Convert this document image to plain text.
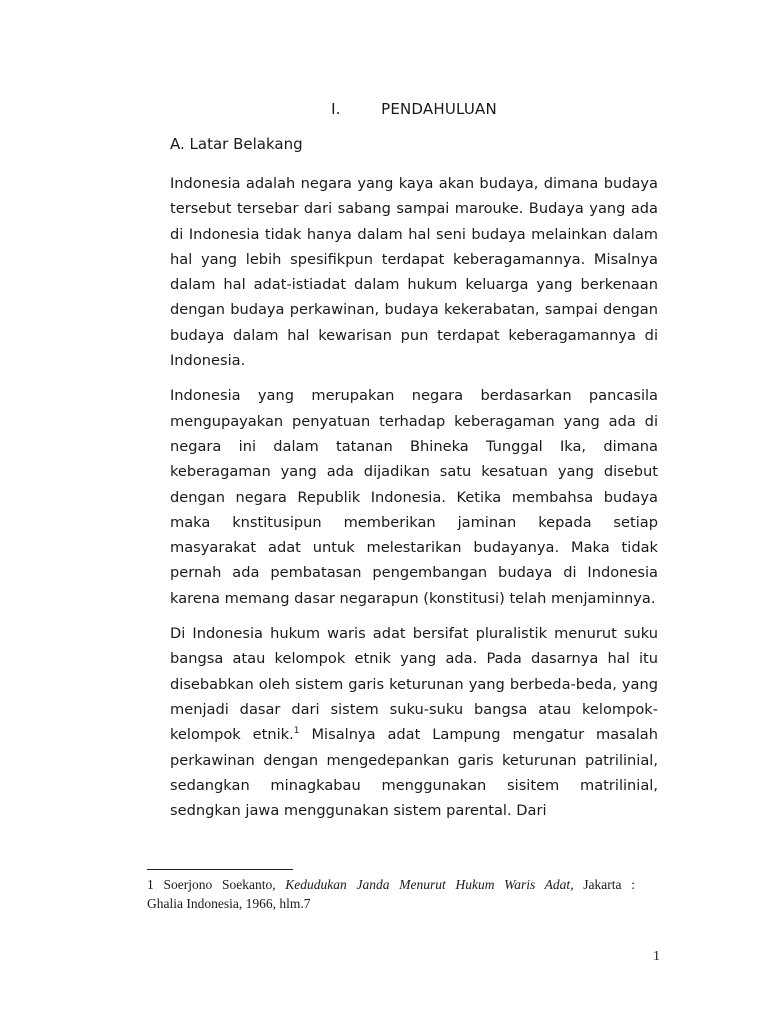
I.	PENDAHULUAN
A. Latar Belakang

Indonesia adalah negara yang kaya akan budaya, dimana budaya tersebut tersebar dari sabang sampai marouke. Budaya yang ada di Indonesia tidak hanya dalam hal seni budaya melainkan dalam hal yang lebih spesifikpun terdapat keberagamannya. Misalnya dalam hal adat-istiadat dalam hukum keluarga yang berkenaan dengan budaya perkawinan, budaya kekerabatan, sampai dengan budaya dalam hal kewarisan pun terdapat keberagamannya di Indonesia.

Indonesia yang merupakan negara berdasarkan pancasila mengupayakan penyatuan terhadap keberagaman yang ada di negara ini dalam tatanan Bhineka Tunggal Ika, dimana keberagaman yang ada dijadikan satu kesatuan yang disebut dengan negara Republik Indonesia. Ketika membahsa budaya maka knstitusipun memberikan jaminan kepada setiap masyarakat adat untuk melestarikan budayanya. Maka tidak pernah ada pembatasan pengembangan budaya di Indonesia karena memang dasar negarapun (konstitusi) telah menjaminnya.

Di Indonesia hukum waris adat bersifat pluralistik menurut suku bangsa atau kelompok etnik yang ada. Pada dasarnya hal itu disebabkan oleh sistem garis keturunan yang berbeda-beda, yang menjadi dasar dari sistem suku-suku bangsa atau kelompok-kelompok etnik.$^1$ Misalnya adat Lampung mengatur masalah perkawinan dengan mengedepankan garis keturunan patrilinial, sedangkan minagkabau menggunakan sisitem matrilinial, sedngkan jawa menggunakan sistem parental. Dari

1 Soerjono Soekanto, Kedudukan Janda Menurut Hukum Waris Adat, Jakarta :
Ghalia Indonesia, 1966, hlm.7
1
